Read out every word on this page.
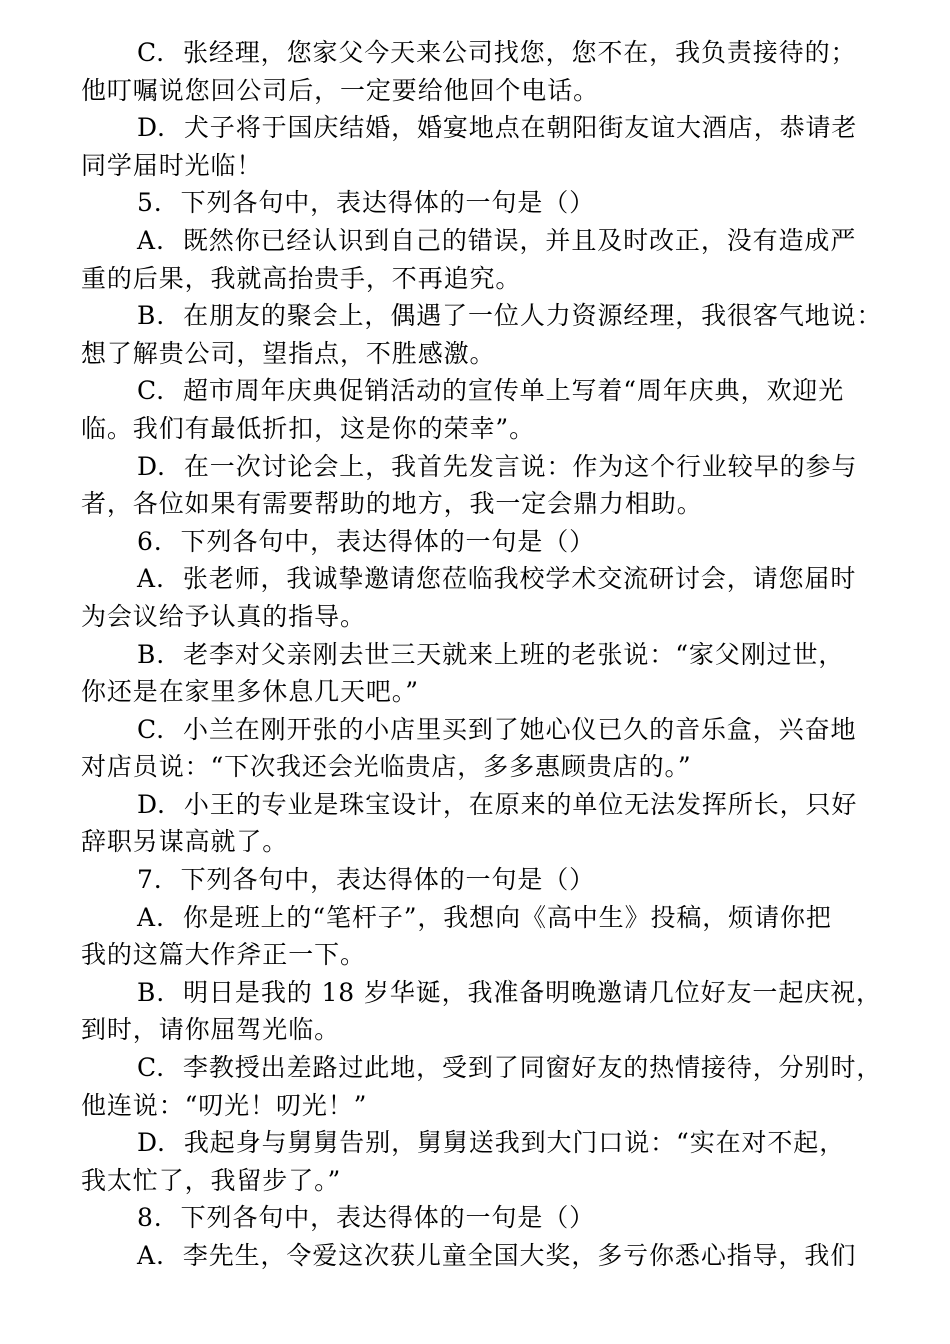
C. 张经理，您家父今天来公司找您，您不在，我负责接待的；
他叮嘱说您回公司后，一定要给他回个电话。
D. 犬子将于国庆结婚，婚宴地点在朝阳街友谊大酒店，恭请老
同学届时光临！
5. 下列各句中，表达得体的一句是（）
A. 既然你已经认识到自己的错误，并且及时改正，没有造成严
重的后果，我就高抬贵手，不再追究。
B. 在朋友的聚会上，偶遇了一位人力资源经理，我很客气地说：
想了解贵公司，望指点，不胜感激。
C. 超市周年庆典促销活动的宣传单上写着“周年庆典，欢迎光
临。我们有最低折扣，这是你的荣幸”。
D. 在一次讨论会上，我首先发言说：作为这个行业较早的参与
者，各位如果有需要帮助的地方，我一定会鼎力相助。
6. 下列各句中，表达得体的一句是（）
A. 张老师，我诚挚邀请您莅临我校学术交流研讨会，请您届时
为会议给予认真的指导。
B. 老李对父亲刚去世三天就来上班的老张说：“家父刚过世，
你还是在家里多休息几天吧。”
C. 小兰在刚开张的小店里买到了她心仪已久的音乐盒，兴奋地
对店员说：“下次我还会光临贵店，多多惠顾贵店的。”
D. 小王的专业是珠宝设计，在原来的单位无法发挥所长，只好
辞职另谋高就了。
7. 下列各句中，表达得体的一句是（）
A. 你是班上的“笔杆子”，我想向《高中生》投稿，烦请你把
我的这篇大作斧正一下。
B. 明日是我的 18 岁华诞，我准备明晚邀请几位好友一起庆祝，
到时，请你屈驾光临。
C. 李教授出差路过此地，受到了同窗好友的热情接待，分别时，
他连说：“叨光！叨光！”
D. 我起身与舅舅告别，舅舅送我到大门口说：“实在对不起，
我太忙了，我留步了。”
8. 下列各句中，表达得体的一句是（）
A. 李先生，令爱这次获儿童全国大奖，多亏你悉心指导，我们
